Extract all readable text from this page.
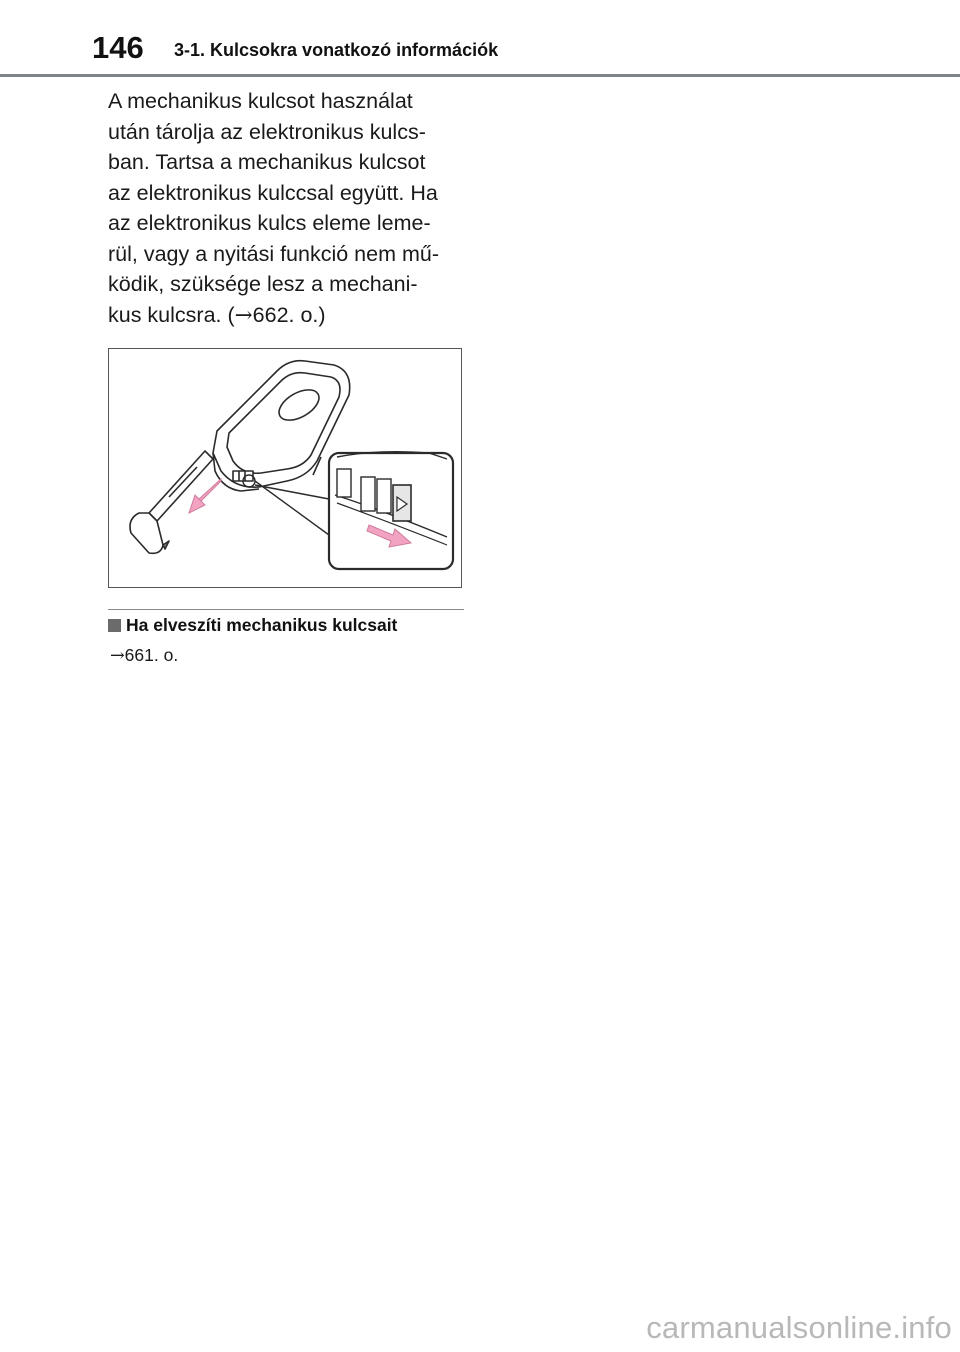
146 3-1. Kulcsokra vonatkozó információk

A mechanikus kulcsot használat
után tárolja az elektronikus kulcs-
ban. Tartsa a mechanikus kulcsot
az elektronikus kulccsal együtt. Ha
az elektronikus kulcs eleme leme-
rül, vagy a nyitási funkció nem mű-
ködik, szüksége lesz a mechani-
kus kulcsra. (→662. o.)

Ha elveszíti mechanikus kulcsait
→661. o.
carmanualsonline.info
